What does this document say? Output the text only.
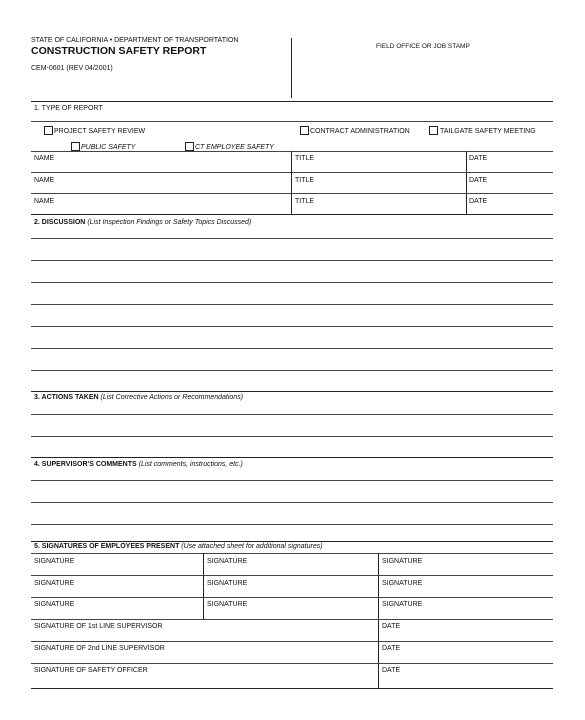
STATE OF CALIFORNIA • DEPARTMENT OF TRANSPORTATION
CONSTRUCTION SAFETY REPORT
CEM-0601 (REV 04/2001)
FIELD OFFICE OR JOB STAMP
1. TYPE OF REPORT
PROJECT SAFETY REVIEW	CONTRACT ADMINISTRATION	TAILGATE SAFETY MEETING
PUBLIC SAFETY	CT EMPLOYEE SAFETY
NAME	TITLE	DATE
NAME	TITLE	DATE
NAME	TITLE	DATE
2. DISCUSSION (List Inspection Findings or Safety Topics Discussed)
3. ACTIONS TAKEN (List Corrective Actions or Recommendations)
4. SUPERVISOR'S COMMENTS (List comments, instructions, etc.)
5. SIGNATURES OF EMPLOYEES PRESENT (Use attached sheet for additional signatures)
SIGNATURE	SIGNATURE	SIGNATURE
SIGNATURE	SIGNATURE	SIGNATURE
SIGNATURE	SIGNATURE	SIGNATURE
SIGNATURE OF 1st LINE SUPERVISOR	DATE
SIGNATURE OF 2nd LINE SUPERVISOR	DATE
SIGNATURE OF SAFETY OFFICER	DATE
